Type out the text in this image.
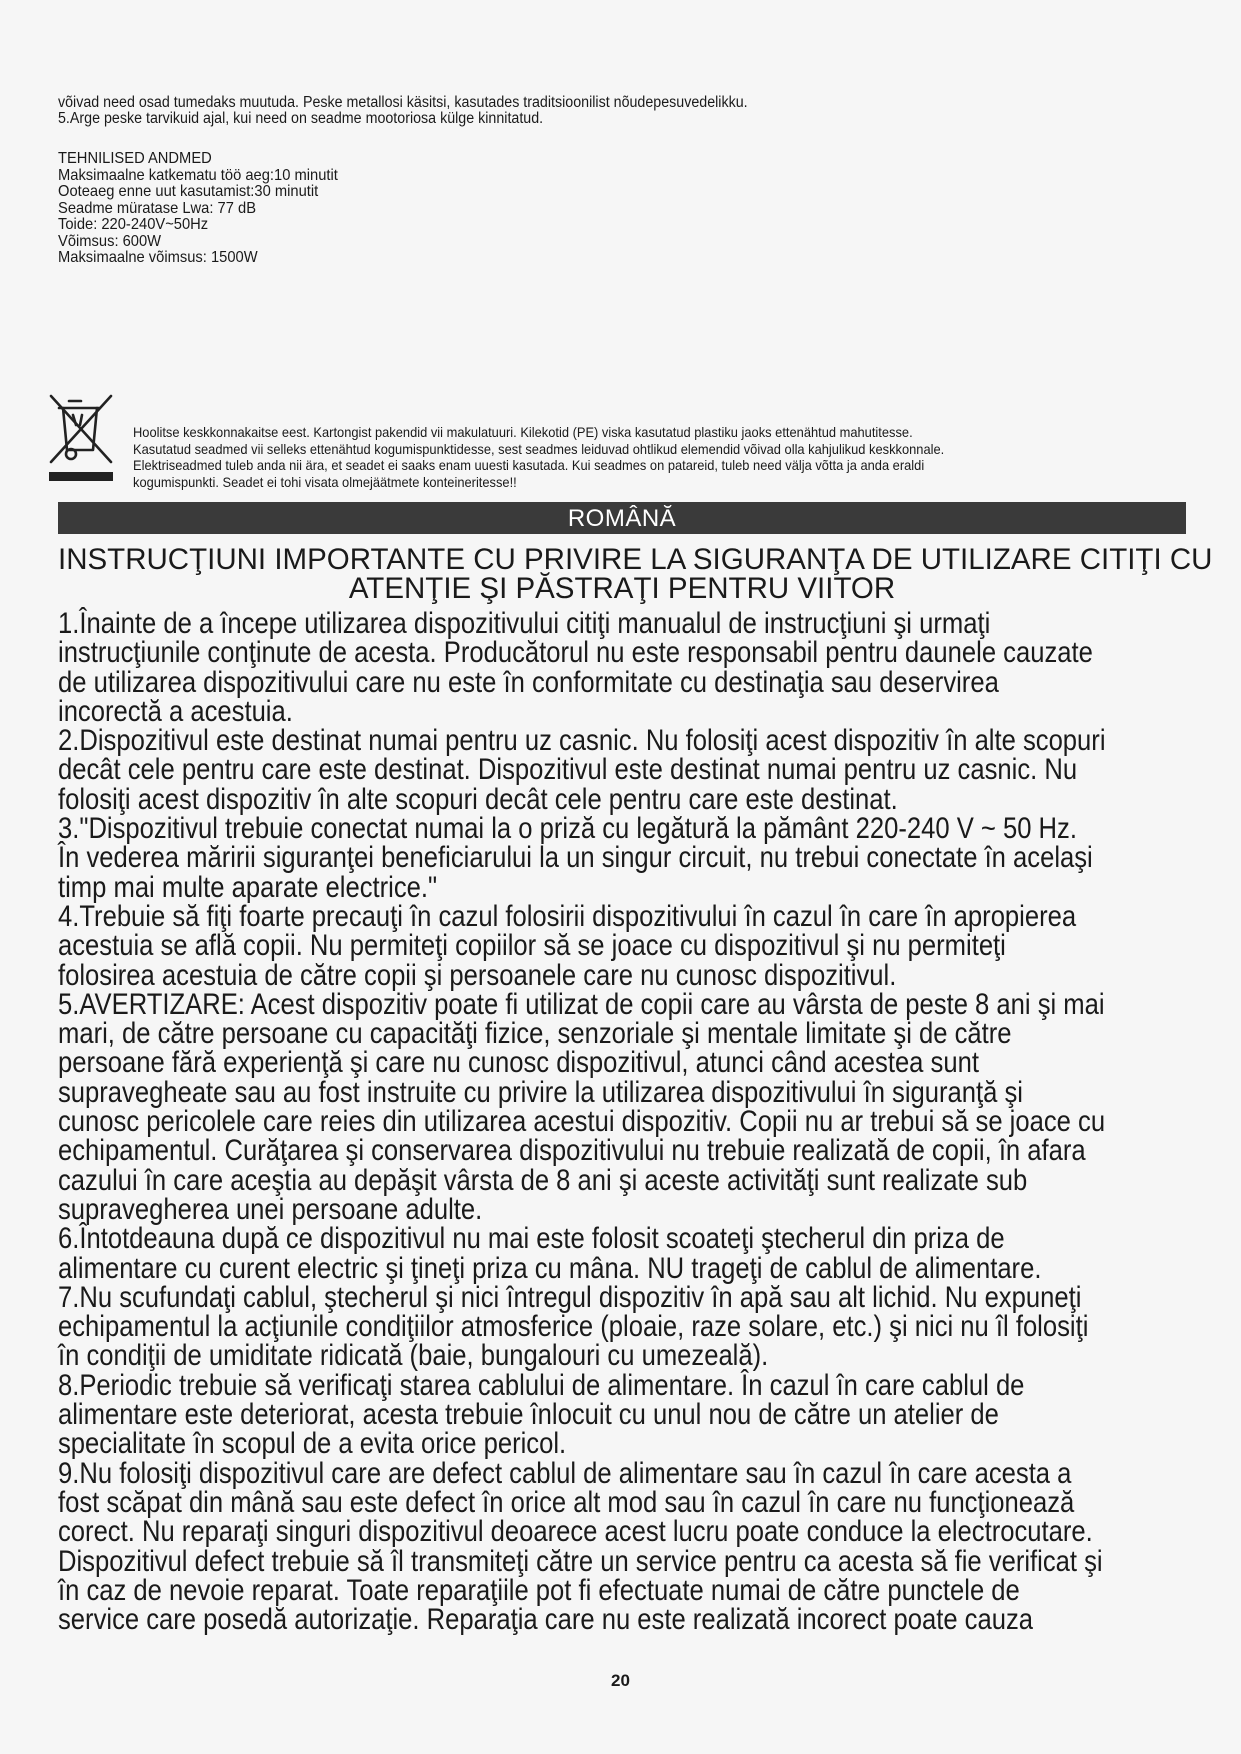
võivad need osad tumedaks muutuda. Peske metallosi käsitsi, kasutades traditsioonilist nõudepesuvedelikku.
5.Arge peske tarvikuid ajal, kui need on seadme mootoriosa külge kinnitatud.
TEHNILISED ANDMED
Maksimaalne katkematu töö aeg:10 minutit
Ooteaeg enne uut kasutamist:30 minutit
Seadme müratase Lwa: 77 dB
Toide: 220-240V~50Hz
Võimsus: 600W
Maksimaalne võimsus: 1500W
Hoolitse keskkonnakaitse eest. Kartongist pakendid vii makulatuuri. Kilekotid (PE) viska kasutatud plastiku jaoks ettenähtud mahutitesse.
Kasutatud seadmed vii selleks ettenähtud kogumispunktidesse, sest seadmes leiduvad ohtlikud elemendid võivad olla kahjulikud keskkonnale.
Elektriseadmed tuleb anda nii ära, et seadet ei saaks enam uuesti kasutada. Kui seadmes on patareid, tuleb need välja võtta ja anda eraldi
kogumispunkti. Seadet ei tohi visata olmejäätmete konteineritesse!!
ROMÂNĂ
INSTRUCŢIUNI IMPORTANTE CU PRIVIRE LA SIGURANŢA DE UTILIZARE CITIŢI CU
ATENŢIE ŞI PĂSTRAŢI PENTRU VIITOR
1.Înainte de a începe utilizarea dispozitivului citiţi manualul de instrucţiuni şi urmaţi
instrucţiunile conţinute de acesta. Producătorul nu este responsabil pentru daunele cauzate
de utilizarea dispozitivului care nu este în conformitate cu destinaţia sau deservirea
incorectă a acestuia.
2.Dispozitivul este destinat numai pentru uz casnic. Nu folosiţi acest dispozitiv în alte scopuri
decât cele pentru care este destinat. Dispozitivul este destinat numai pentru uz casnic. Nu
folosiţi acest dispozitiv în alte scopuri decât cele pentru care este destinat.
3."Dispozitivul trebuie conectat numai la o priză cu legătură la pământ 220-240 V ~ 50 Hz.
În vederea măririi siguranţei beneficiarului la un singur circuit, nu trebui conectate în acelaşi
timp mai multe aparate electrice."
4.Trebuie să fiţi foarte precauţi în cazul folosirii dispozitivului în cazul în care în apropierea
acestuia se află copii. Nu permiteţi copiilor să se joace cu dispozitivul şi nu permiteţi
folosirea acestuia de către copii şi persoanele care nu cunosc dispozitivul.
5.AVERTIZARE: Acest dispozitiv poate fi utilizat de copii care au vârsta de peste 8 ani şi mai
mari, de către persoane cu capacităţi fizice, senzoriale şi mentale limitate şi de către
persoane fără experienţă şi care nu cunosc dispozitivul, atunci când acestea sunt
supravegheate sau au fost instruite cu privire la utilizarea dispozitivului în siguranţă şi
cunosc pericolele care reies din utilizarea acestui dispozitiv. Copii nu ar trebui să se joace cu
echipamentul. Curăţarea şi conservarea dispozitivului nu trebuie realizată de copii, în afara
cazului în care aceştia au depăşit vârsta de 8 ani şi aceste activităţi sunt realizate sub
supravegherea unei persoane adulte.
6.Întotdeauna după ce dispozitivul nu mai este folosit scoateţi ştecherul din priza de
alimentare cu curent electric şi ţineţi priza cu mâna. NU trageţi de cablul de alimentare.
7.Nu scufundaţi cablul, ştecherul şi nici întregul dispozitiv în apă sau alt lichid. Nu expuneţi
echipamentul la acţiunile condiţiilor atmosferice (ploaie, raze solare, etc.) şi nici nu îl folosiţi
în condiţii de umiditate ridicată (baie, bungalouri cu umezeală).
8.Periodic trebuie să verificaţi starea cablului de alimentare. În cazul în care cablul de
alimentare este deteriorat, acesta trebuie înlocuit cu unul nou de către un atelier de
specialitate în scopul de a evita orice pericol.
9.Nu folosiţi dispozitivul care are defect cablul de alimentare sau în cazul în care acesta a
fost scăpat din mână sau este defect în orice alt mod sau în cazul în care nu funcţionează
corect. Nu reparaţi singuri dispozitivul deoarece acest lucru poate conduce la electrocutare.
Dispozitivul defect trebuie să îl transmiteţi către un service pentru ca acesta să fie verificat şi
în caz de nevoie reparat. Toate reparaţiile pot fi efectuate numai de către punctele de
service care posedă autorizaţie. Reparaţia care nu este realizată incorect poate cauza
20
